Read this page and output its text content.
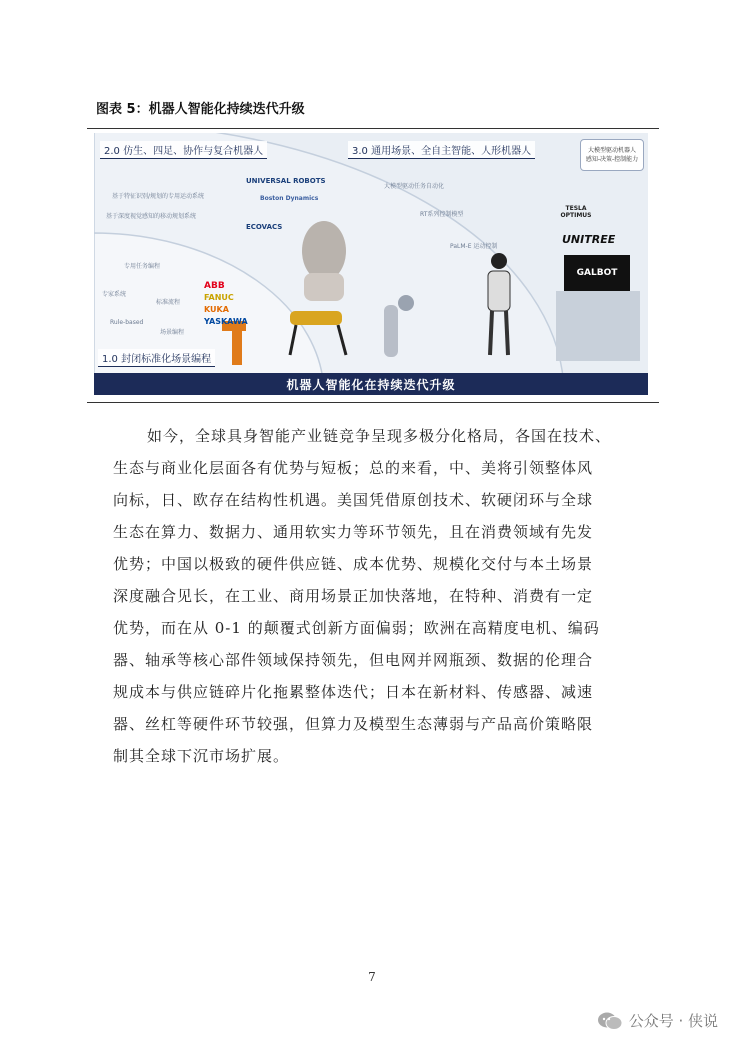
图表 5：机器人智能化持续迭代升级
2.0 仿生、四足、协作与复合机器人	3.0 通用场景、全自主智能、人形机器人
1.0 封闭标准化场景编程
大模型驱动机器人
感知-决策-控制能力
基于特征识别/规划的专用运动系统
基于深度视觉感知的移动规划系统
专用任务编程
专家系统
标准流程
Rule-based
场景编程
大模型驱动任务自动化
RT系列控制模型
PaLM-E 运动控制
ABB
FANUC
KUKA
YASKAWA
UNIVERSAL ROBOTS
Boston Dynamics
ECOVACS
TESLA OPTIMUS
UNITREE
GALBOT
机器人智能化在持续迭代升级
如今，全球具身智能产业链竞争呈现多极分化格局，各国在技术、
生态与商业化层面各有优势与短板；总的来看，中、美将引领整体风
向标，日、欧存在结构性机遇。美国凭借原创技术、软硬闭环与全球
生态在算力、数据力、通用软实力等环节领先，且在消费领域有先发
优势；中国以极致的硬件供应链、成本优势、规模化交付与本土场景
深度融合见长，在工业、商用场景正加快落地，在特种、消费有一定
优势，而在从 0-1 的颠覆式创新方面偏弱；欧洲在高精度电机、编码
器、轴承等核心部件领域保持领先，但电网并网瓶颈、数据的伦理合
规成本与供应链碎片化拖累整体迭代；日本在新材料、传感器、减速
器、丝杠等硬件环节较强，但算力及模型生态薄弱与产品高价策略限
制其全球下沉市场扩展。
7
公众号 · 侠说
